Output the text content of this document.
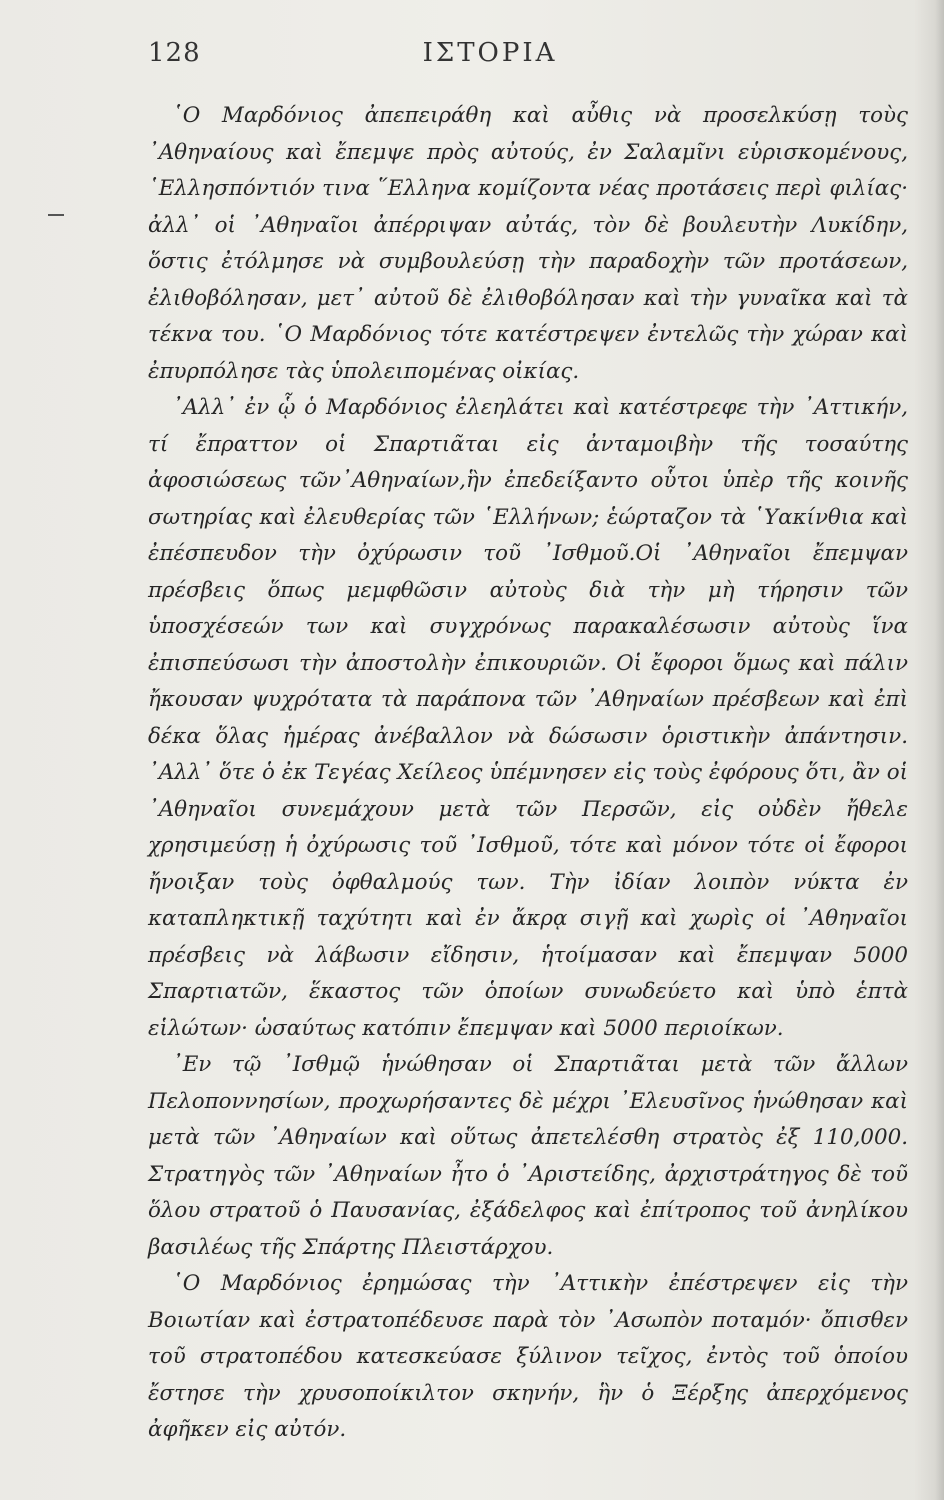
128	ΙΣΤΟΡΙΑ

῾Ο Μαρδόνιος ἀπεπειράθη καὶ αὖθις νὰ προσελκύσῃ τοὺς ᾿Αθηναίους καὶ ἔπεμψε πρὸς αὐτούς, ἐν Σαλαμῖνι εὑρισκομένους, ῾Ελλησπόντιόν τινα ῞Ελληνα κομίζοντα νέας προτάσεις περὶ φιλίας· ἀλλ᾿ οἱ ᾿Αθηναῖοι ἀπέρριψαν αὐτάς, τὸν δὲ βουλευτὴν Λυκίδην, ὅστις ἐτόλμησε νὰ συμβουλεύσῃ τὴν παραδοχὴν τῶν προτάσεων, ἐλιθοβόλησαν, μετ᾿ αὐτοῦ δὲ ἐλιθοβόλησαν καὶ τὴν γυναῖκα καὶ τὰ τέκνα του. ῾Ο Μαρδόνιος τότε κατέστρεψεν ἐντελῶς τὴν χώραν καὶ ἐπυρπόλησε τὰς ὑπολειπομένας οἰκίας.

᾿Αλλ᾿ ἐν ᾧ ὁ Μαρδόνιος ἐλεηλάτει καὶ κατέστρεφε τὴν ᾿Αττικήν, τί ἔπραττον οἱ Σπαρτιᾶται εἰς ἀνταμοιβὴν τῆς τοσαύτης ἀφοσιώσεως τῶν᾿Αθηναίων,ἣν ἐπεδείξαντο οὗτοι ὑπὲρ τῆς κοινῆς σωτηρίας καὶ ἐλευθερίας τῶν ῾Ελλήνων; ἑώρταζον τὰ ῾Υακίνθια καὶ ἐπέσπευδον τὴν ὀχύρωσιν τοῦ ᾿Ισθμοῦ.Οἱ ᾿Αθηναῖοι ἔπεμψαν πρέσβεις ὅπως μεμφθῶσιν αὐτοὺς διὰ τὴν μὴ τήρησιν τῶν ὑποσχέσεών των καὶ συγχρόνως παρακαλέσωσιν αὐτοὺς ἵνα ἐπισπεύσωσι τὴν ἀποστολὴν ἐπικουριῶν. Οἱ ἔφοροι ὅμως καὶ πάλιν ἤκουσαν ψυχρότατα τὰ παράπονα τῶν ᾿Αθηναίων πρέσβεων καὶ ἐπὶ δέκα ὅλας ἡμέρας ἀνέβαλλον νὰ δώσωσιν ὁριστικὴν ἀπάντησιν. ᾿Αλλ᾿ ὅτε ὁ ἐκ Τεγέας Χείλεος ὑπέμνησεν εἰς τοὺς ἐφόρους ὅτι, ἂν οἱ ᾿Αθηναῖοι συνεμάχουν μετὰ τῶν Περσῶν, εἰς οὐδὲν ἤθελε χρησιμεύσῃ ἡ ὀχύρωσις τοῦ ᾿Ισθμοῦ, τότε καὶ μόνον τότε οἱ ἔφοροι ἤνοιξαν τοὺς ὀφθαλμούς των. Τὴν ἰδίαν λοιπὸν νύκτα ἐν καταπληκτικῇ ταχύτητι καὶ ἐν ἄκρᾳ σιγῇ καὶ χωρὶς οἱ ᾿Αθηναῖοι πρέσβεις νὰ λάβωσιν εἴδησιν, ἡτοίμασαν καὶ ἔπεμψαν 5000 Σπαρτιατῶν, ἕκαστος τῶν ὁποίων συνωδεύετο καὶ ὑπὸ ἑπτὰ εἱλώτων· ὡσαύτως κατόπιν ἔπεμψαν καὶ 5000 περιοίκων.

᾿Εν τῷ ᾿Ισθμῷ ἡνώθησαν οἱ Σπαρτιᾶται μετὰ τῶν ἄλλων Πελοποννησίων, προχωρήσαντες δὲ μέχρι ᾿Ελευσῖνος ἡνώθησαν καὶ μετὰ τῶν ᾿Αθηναίων καὶ οὕτως ἀπετελέσθη στρατὸς ἐξ 110,000. Στρατηγὸς τῶν ᾿Αθηναίων ἦτο ὁ ᾿Αριστείδης, ἀρχιστράτηγος δὲ τοῦ ὅλου στρατοῦ ὁ Παυσανίας, ἐξάδελφος καὶ ἐπίτροπος τοῦ ἀνηλίκου βασιλέως τῆς Σπάρτης Πλειστάρχου.

῾Ο Μαρδόνιος ἐρημώσας τὴν ᾿Αττικὴν ἐπέστρεψεν εἰς τὴν Βοιωτίαν καὶ ἐστρατοπέδευσε παρὰ τὸν ᾿Ασωπὸν ποταμόν· ὄπισθεν τοῦ στρατοπέδου κατεσκεύασε ξύλινον τεῖχος, ἐντὸς τοῦ ὁποίου ἔστησε τὴν χρυσοποίκιλτον σκηνήν, ἣν ὁ Ξέρξης ἀπερχόμενος ἀφῆκεν εἰς αὐτόν.
